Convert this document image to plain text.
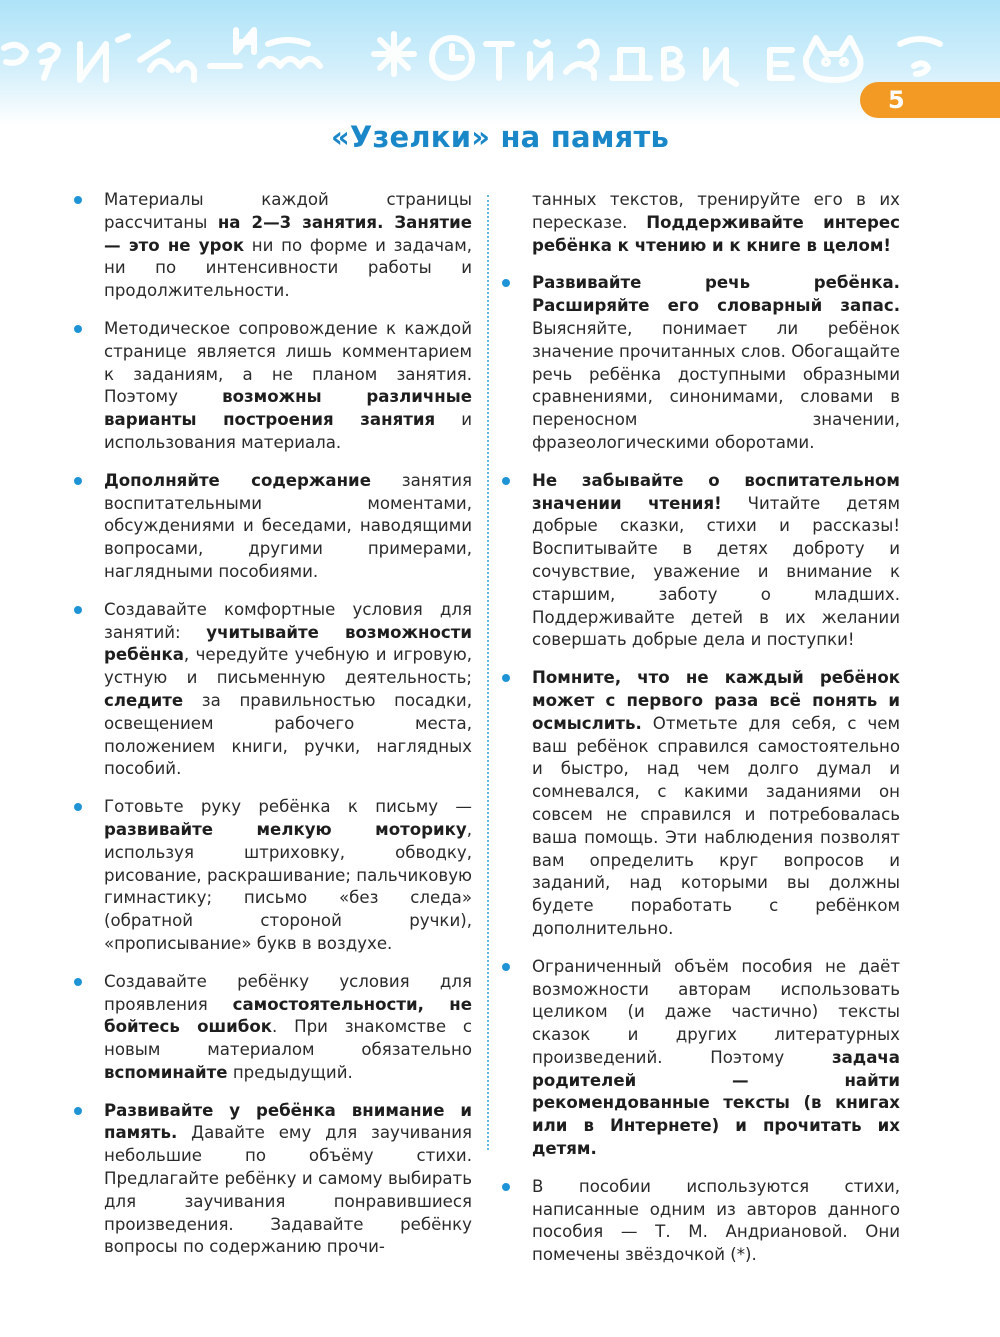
5
«Узелки» на память

Материалы каждой страницы рассчитаны на 2—3 занятия. Занятие — это не урок ни по форме и задачам, ни по интенсивности работы и продолжительности.

Методическое сопровождение к каждой странице является лишь комментарием к заданиям, а не планом занятия. Поэтому возможны различные варианты построения занятия и использования материала.

Дополняйте содержание занятия воспитательными моментами, обсуждениями и беседами, наводящими вопросами, другими примерами, наглядными пособиями.

Создавайте комфортные условия для занятий: учитывайте возможности ребёнка, чередуйте учебную и игровую, устную и письменную деятельность; следите за правильностью посадки, освещением рабочего места, положением книги, ручки, наглядных пособий.

Готовьте руку ребёнка к письму — развивайте мелкую моторику, используя штриховку, обводку, рисование, раскрашивание; пальчиковую гимнастику; письмо «без следа» (обратной стороной ручки), «прописывание» букв в воздухе.

Создавайте ребёнку условия для проявления самостоятельности, не бойтесь ошибок. При знакомстве с новым материалом обязательно вспоминайте предыдущий.

Развивайте у ребёнка внимание и память. Давайте ему для заучивания небольшие по объёму стихи. Предлагайте ребёнку и самому выбирать для заучивания понравившиеся произведения. Задавайте ребёнку вопросы по содержанию прочи-

танных текстов, тренируйте его в их пересказе. Поддерживайте интерес ребёнка к чтению и к книге в целом!

Развивайте речь ребёнка. Расширяйте его словарный запас. Выясняйте, понимает ли ребёнок значение прочитанных слов. Обогащайте речь ребёнка доступными образными сравнениями, синонимами, словами в переносном значении, фразеологическими оборотами.

Не забывайте о воспитательном значении чтения! Читайте детям добрые сказки, стихи и рассказы! Воспитывайте в детях доброту и сочувствие, уважение и внимание к старшим, заботу о младших. Поддерживайте детей в их желании совершать добрые дела и поступки!

Помните, что не каждый ребёнок может с первого раза всё понять и осмыслить. Отметьте для себя, с чем ваш ребёнок справился самостоятельно и быстро, над чем долго думал и сомневался, с какими заданиями он совсем не справился и потребовалась ваша помощь. Эти наблюдения позволят вам определить круг вопросов и заданий, над которыми вы должны будете поработать с ребёнком дополнительно.

Ограниченный объём пособия не даёт возможности авторам использовать целиком (и даже частично) тексты сказок и других литературных произведений. Поэтому задача родителей — найти рекомендованные тексты (в книгах или в Интернете) и прочитать их детям.

В пособии используются стихи, написанные одним из авторов данного пособия — Т. М. Андриановой. Они помечены звёздочкой (*).
